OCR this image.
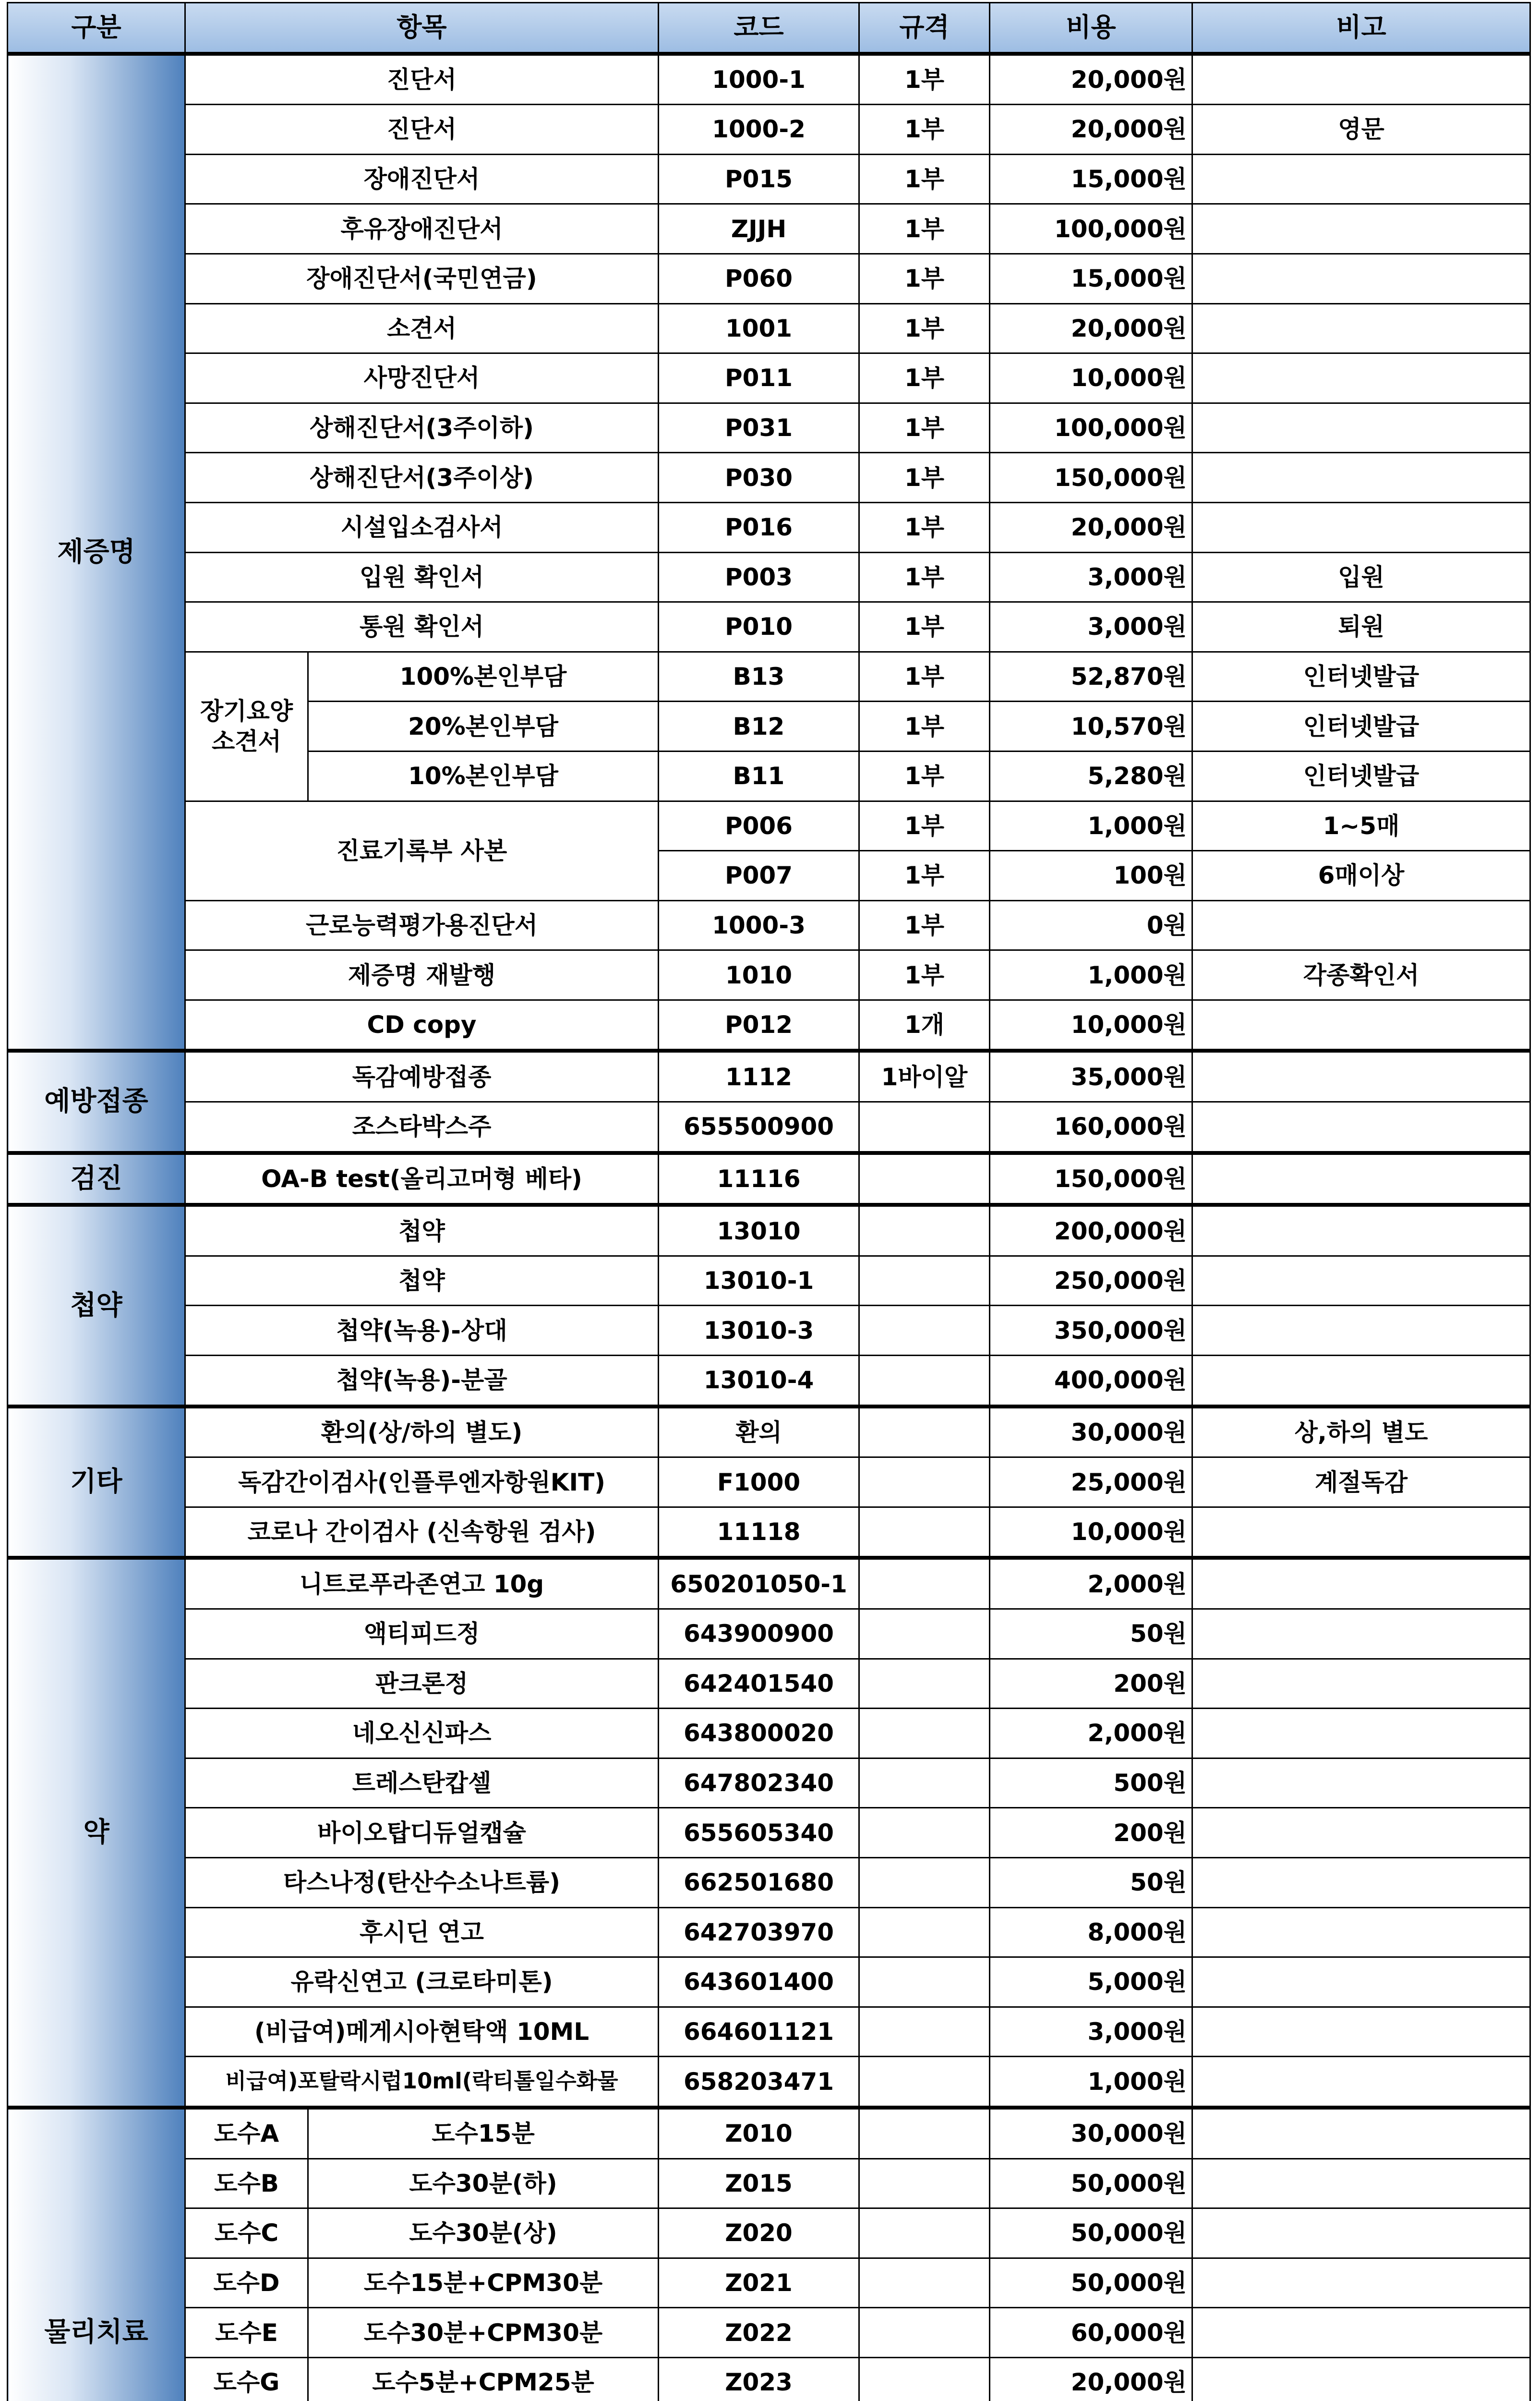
구분	항목		코드	규격	비용	비고
제증명	진단서		1000-1	1부	20,000원	
	진단서		1000-2	1부	20,000원	영문
	장애진단서		P015	1부	15,000원	
	후유장애진단서		ZJJH	1부	100,000원	
	장애진단서(국민연금)		P060	1부	15,000원	
	소견서		1001	1부	20,000원	
	사망진단서		P011	1부	10,000원	
	상해진단서(3주이하)		P031	1부	100,000원	
	상해진단서(3주이상)		P030	1부	150,000원	
	시설입소검사서		P016	1부	20,000원	
	입원 확인서		P003	1부	3,000원	입원
	통원 확인서		P010	1부	3,000원	퇴원
	장기요양 소견서	100%본인부담	B13	1부	52,870원	인터넷발급
		20%본인부담	B12	1부	10,570원	인터넷발급
		10%본인부담	B11	1부	5,280원	인터넷발급
	진료기록부 사본		P006	1부	1,000원	1~5매
			P007	1부	100원	6매이상
	근로능력평가용진단서		1000-3	1부	0원	
	제증명 재발행		1010	1부	1,000원	각종확인서
	CD copy		P012	1개	10,000원	
예방접종	독감예방접종		1112	1바이알	35,000원	
	조스타박스주		655500900		160,000원	
검진	OA-B test(올리고머형 베타)		11116		150,000원	
첩약	첩약		13010		200,000원	
	첩약		13010-1		250,000원	
	첩약(녹용)-상대		13010-3		350,000원	
	첩약(녹용)-분골		13010-4		400,000원	
기타	환의(상/하의 별도)		환의		30,000원	상,하의 별도
	독감간이검사(인플루엔자항원KIT)		F1000		25,000원	계절독감
	코로나 간이검사 (신속항원 검사)		11118		10,000원	
약	니트로푸라존연고 10g		650201050-1		2,000원	
	액티피드정		643900900		50원	
	판크론정		642401540		200원	
	네오신신파스		643800020		2,000원	
	트레스탄캅셀		647802340		500원	
	바이오탑디듀얼캡슐		655605340		200원	
	타스나정(탄산수소나트륨)		662501680		50원	
	후시딘 연고		642703970		8,000원	
	유락신연고 (크로타미톤)		643601400		5,000원	
	(비급여)메게시아현탁액 10ML		664601121		3,000원	
	비급여)포탈락시럽10ml(락티톨일수화물		658203471		1,000원	
물리치료	도수A	도수15분	Z010		30,000원	
	도수B	도수30분(하)	Z015		50,000원	
	도수C	도수30분(상)	Z020		50,000원	
	도수D	도수15분+CPM30분	Z021		50,000원	
	도수E	도수30분+CPM30분	Z022		60,000원	
	도수G	도수5분+CPM25분	Z023		20,000원	
